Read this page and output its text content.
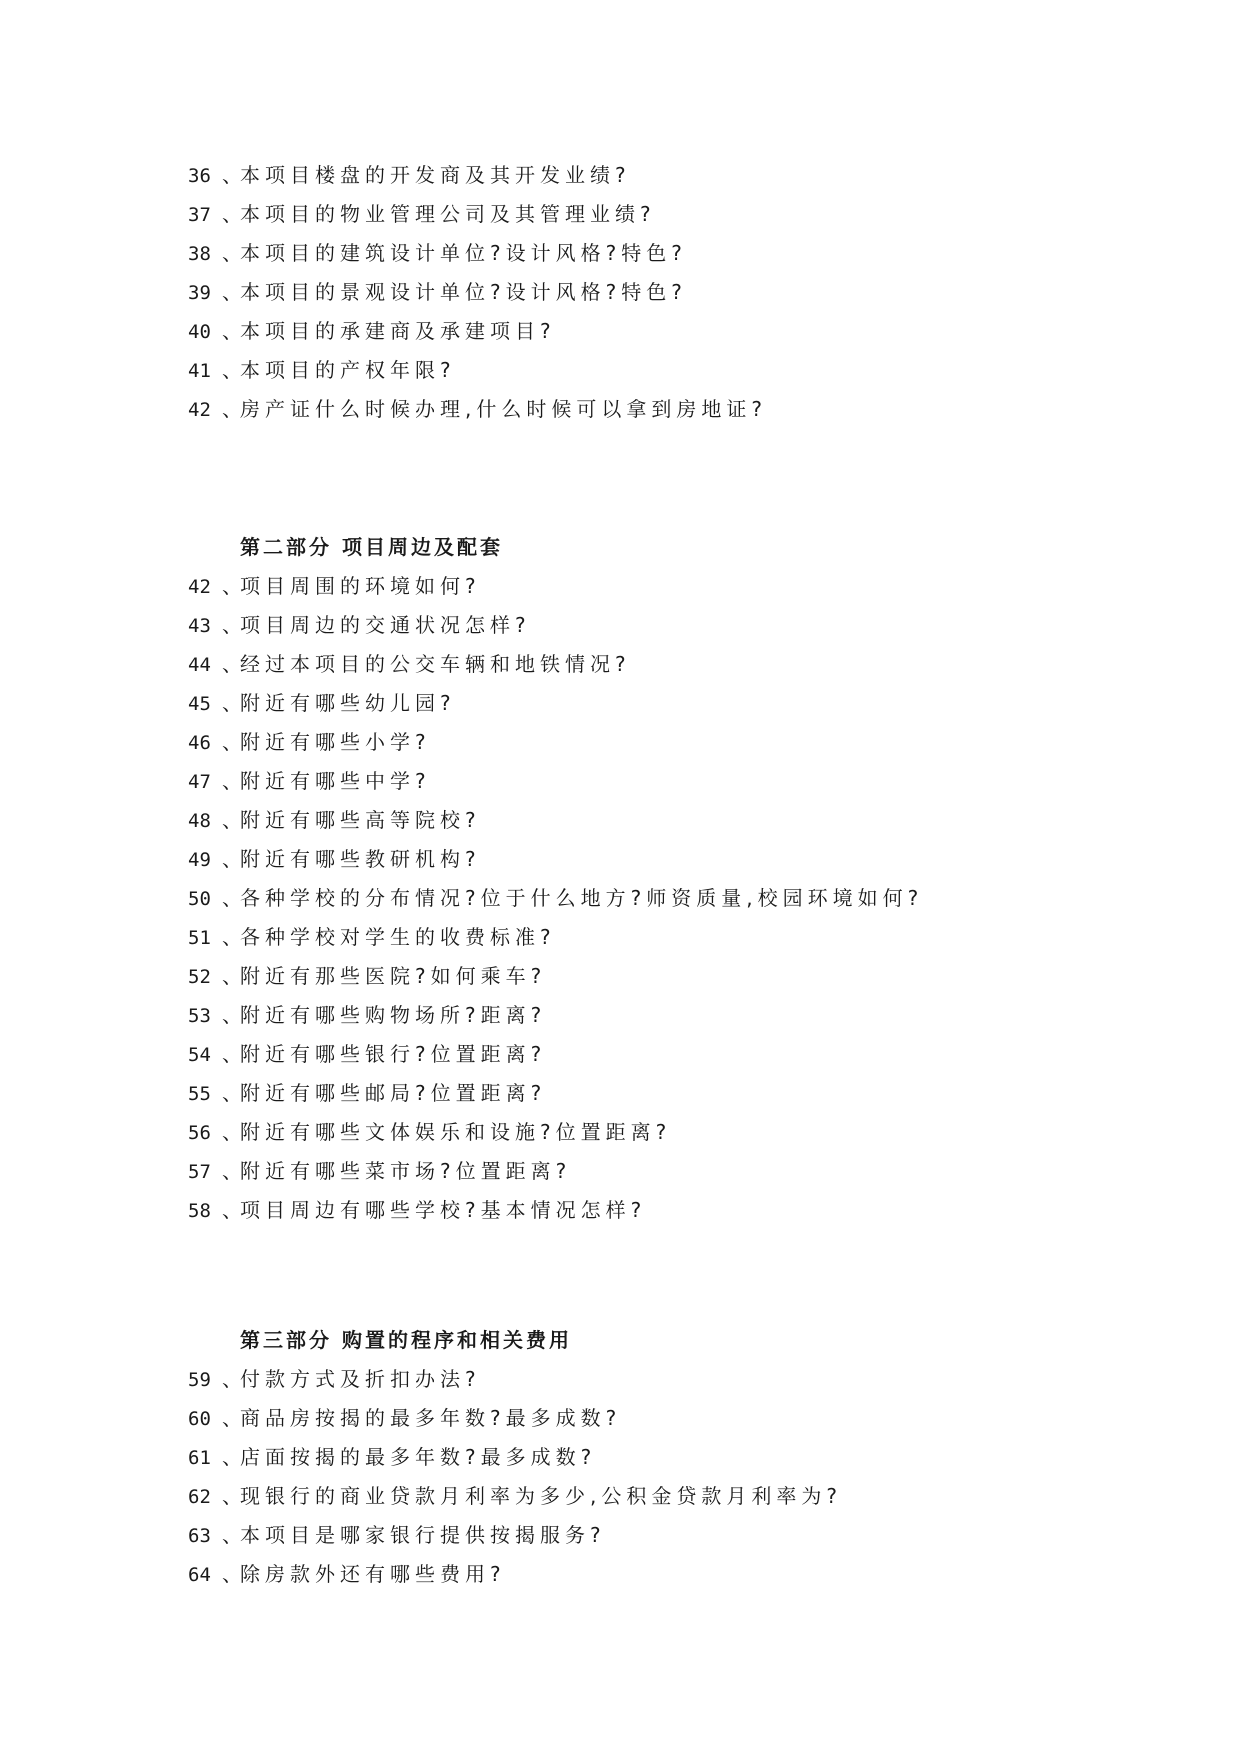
36 、本项目楼盘的开发商及其开发业绩?
37 、本项目的物业管理公司及其管理业绩?
38 、本项目的建筑设计单位?设计风格?特色?
39 、本项目的景观设计单位?设计风格?特色?
40 、本项目的承建商及承建项目?
41 、本项目的产权年限?
42 、房产证什么时候办理,什么时候可以拿到房地证?
第二部分 项目周边及配套
42 、项目周围的环境如何?
43 、项目周边的交通状况怎样?
44 、经过本项目的公交车辆和地铁情况?
45 、附近有哪些幼儿园?
46 、附近有哪些小学?
47 、附近有哪些中学?
48 、附近有哪些高等院校?
49 、附近有哪些教研机构?
50 、各种学校的分布情况?位于什么地方?师资质量,校园环境如何?
51 、各种学校对学生的收费标准?
52 、附近有那些医院?如何乘车?
53 、附近有哪些购物场所?距离?
54 、附近有哪些银行?位置距离?
55 、附近有哪些邮局?位置距离?
56 、附近有哪些文体娱乐和设施?位置距离?
57 、附近有哪些菜市场?位置距离?
58 、项目周边有哪些学校?基本情况怎样?
第三部分 购置的程序和相关费用
59 、付款方式及折扣办法?
60 、商品房按揭的最多年数?最多成数?
61 、店面按揭的最多年数?最多成数?
62 、现银行的商业贷款月利率为多少,公积金贷款月利率为?
63 、本项目是哪家银行提供按揭服务?
64 、除房款外还有哪些费用?
